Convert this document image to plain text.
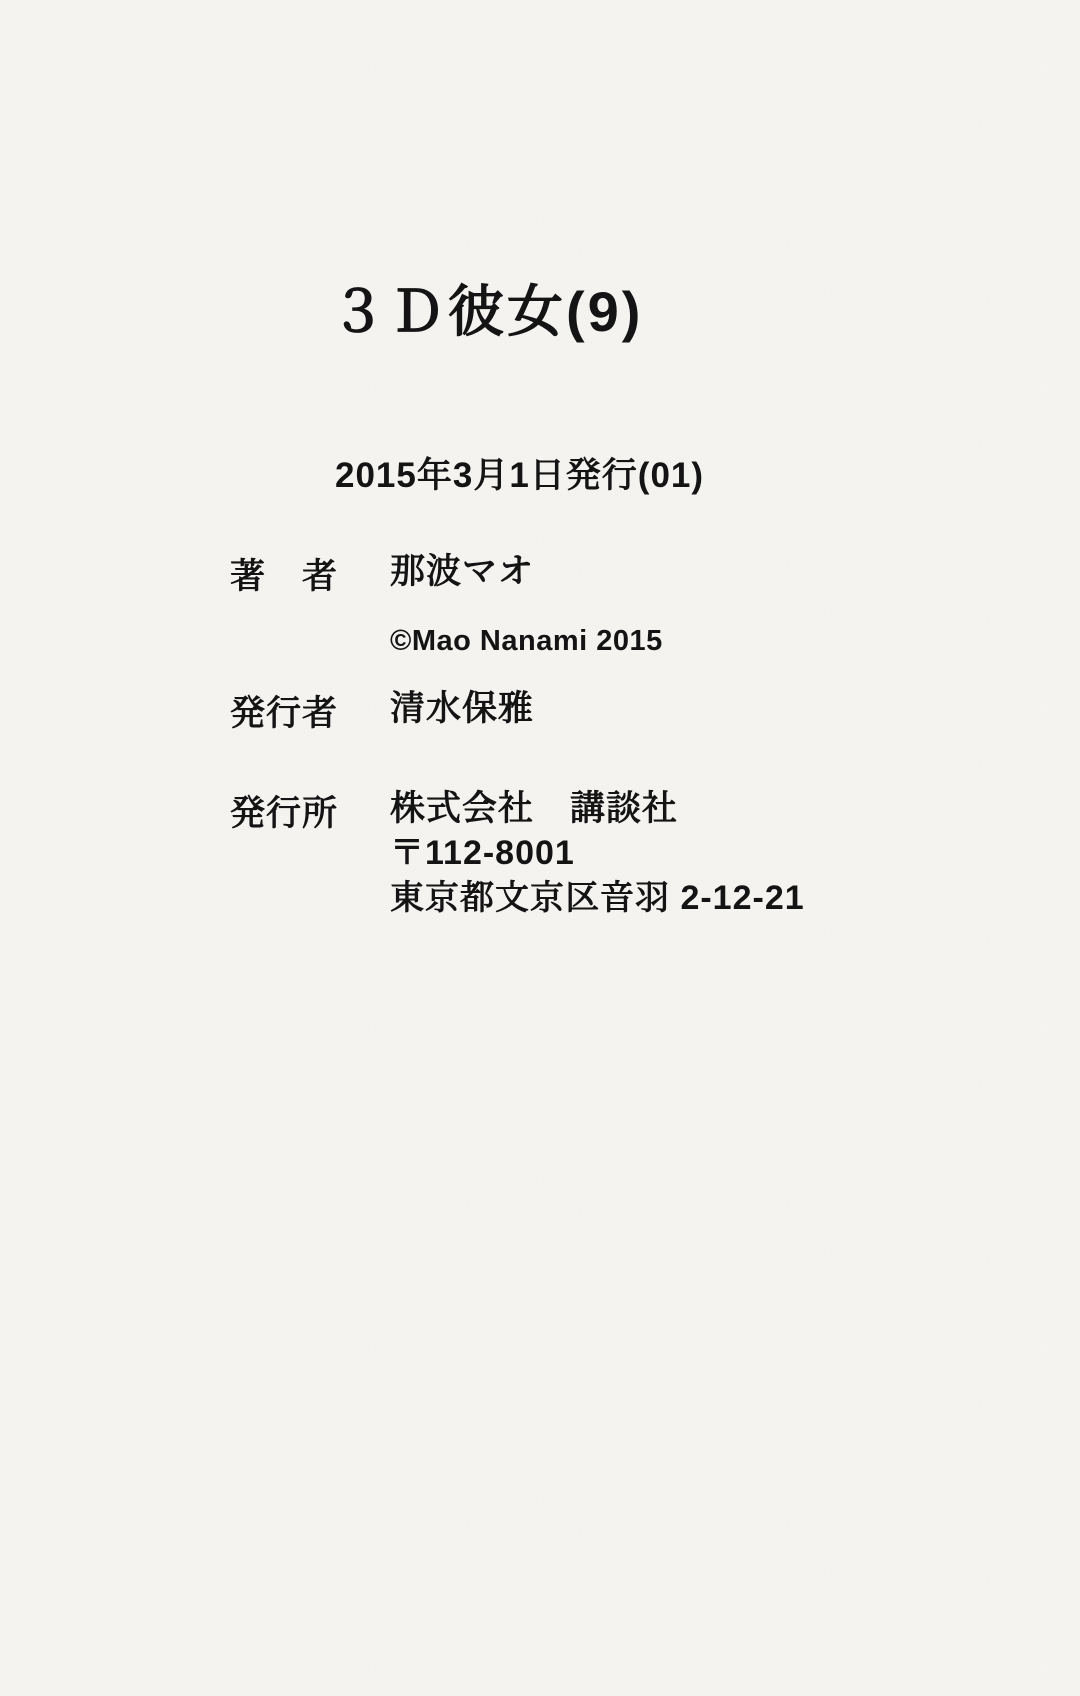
３Ｄ彼女(9)
2015年3月1日発行(01)
著　者 那波マオ
©Mao Nanami 2015
発行者 清水保雅
発行所 株式会社　講談社
〒112-8001
東京都文京区音羽 2-12-21
